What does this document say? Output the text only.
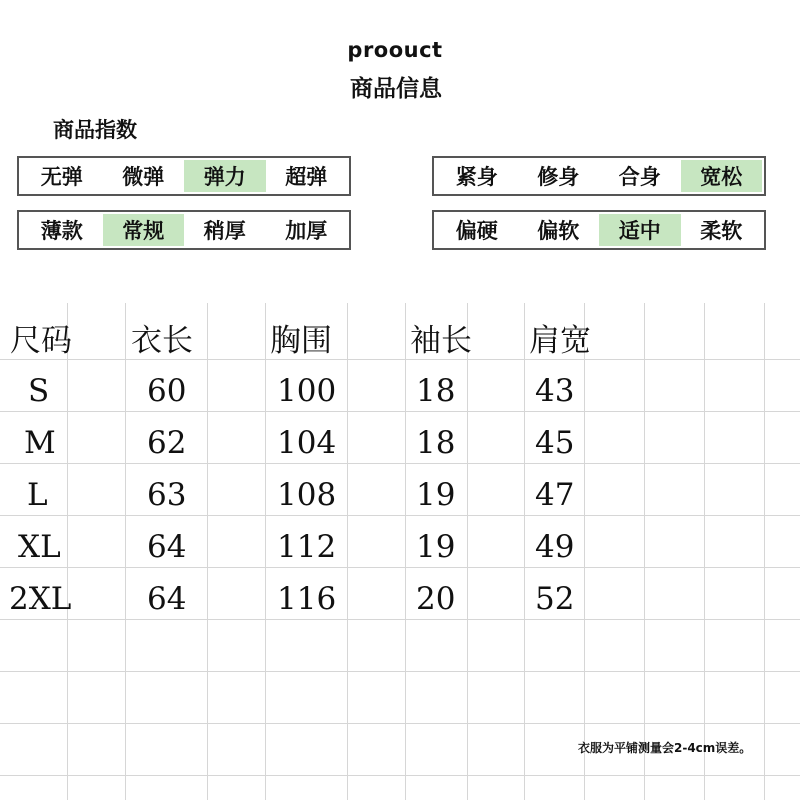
proouct
商品信息
商品指数
无弹	微弹	弹力	超弹	紧身	修身	合身	宽松
薄款	常规	稍厚	加厚	偏硬	偏软	适中	柔软
尺码 衣长 胸围	袖长 肩宽
S	60	100	18	43
M	62	104	18	45
L	63	108	19	47
XL	64	112	19	49
2XL 64	116	20	52
衣服为平铺测量会2-4cm误差。
